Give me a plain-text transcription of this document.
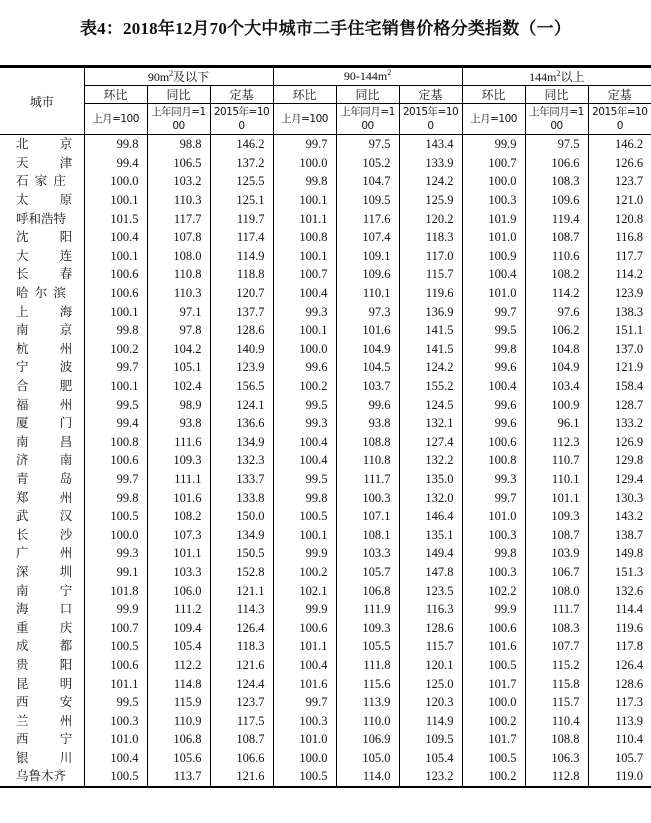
表4：2018年12月70个大中城市二手住宅销售价格分类指数（一）
城市	$90m^2$及以下			$90-144m^2$			$144m^2$以上		
	环比	同比	定基	环比	同比	定基	环比	同比	定基
	上月=100	上年同月=100	2015年=100	上月=100	上年同月=100	2015年=100	上月=100	上年同月=100	2015年=100
北　　 京	99.8	98.8	146.2	99.7	97.5	143.4	99.9	97.5	146.2
天　　 津	99.4	106.5	137.2	100.0	105.2	133.9	100.7	106.6	126.6
石 家 庄	100.0	103.2	125.5	99.8	104.7	124.2	100.0	108.3	123.7
太　　 原	100.1	110.3	125.1	100.1	109.5	125.9	100.3	109.6	121.0
呼和浩特	101.5	117.7	119.7	101.1	117.6	120.2	101.9	119.4	120.8
沈　　 阳	100.4	107.8	117.4	100.8	107.4	118.3	101.0	108.7	116.8
大　　 连	100.1	108.0	114.9	100.1	109.1	117.0	100.9	110.6	117.7
长　　 春	100.6	110.8	118.8	100.7	109.6	115.7	100.4	108.2	114.2
哈 尔 滨	100.6	110.3	120.7	100.4	110.1	119.6	101.0	114.2	123.9
上　　 海	100.1	97.1	137.7	99.3	97.3	136.9	99.7	97.6	138.3
南　　 京	99.8	97.8	128.6	100.1	101.6	141.5	99.5	106.2	151.1
杭　　 州	100.2	104.2	140.9	100.0	104.9	141.5	99.8	104.8	137.0
宁　　 波	99.7	105.1	123.9	99.6	104.5	124.2	99.6	104.9	121.9
合　　 肥	100.1	102.4	156.5	100.2	103.7	155.2	100.4	103.4	158.4
福　　 州	99.5	98.9	124.1	99.5	99.6	124.5	99.6	100.9	128.7
厦　　 门	99.4	93.8	136.6	99.3	93.8	132.1	99.6	96.1	133.2
南　　 昌	100.8	111.6	134.9	100.4	108.8	127.4	100.6	112.3	126.9
济　　 南	100.6	109.3	132.3	100.4	110.8	132.2	100.8	110.7	129.8
青　　 岛	99.7	111.1	133.7	99.5	111.7	135.0	99.3	110.1	129.4
郑　　 州	99.8	101.6	133.8	99.8	100.3	132.0	99.7	101.1	130.3
武　　 汉	100.5	108.2	150.0	100.5	107.1	146.4	101.0	109.3	143.2
长　　 沙	100.0	107.3	134.9	100.1	108.1	135.1	100.3	108.7	138.7
广　　 州	99.3	101.1	150.5	99.9	103.3	149.4	99.8	103.9	149.8
深　　 圳	99.1	103.3	152.8	100.2	105.7	147.8	100.3	106.7	151.3
南　　 宁	101.8	106.0	121.1	102.1	106.8	123.5	102.2	108.0	132.6
海　　 口	99.9	111.2	114.3	99.9	111.9	116.3	99.9	111.7	114.4
重　　 庆	100.7	109.4	126.4	100.6	109.3	128.6	100.6	108.3	119.6
成　　 都	100.5	105.4	118.3	101.1	105.5	115.7	101.6	107.7	117.8
贵　　 阳	100.6	112.2	121.6	100.4	111.8	120.1	100.5	115.2	126.4
昆　　 明	101.1	114.8	124.4	101.6	115.6	125.0	101.7	115.8	128.6
西　　 安	99.5	115.9	123.7	99.7	113.9	120.3	100.0	115.7	117.3
兰　　 州	100.3	110.9	117.5	100.3	110.0	114.9	100.2	110.4	113.9
西　　 宁	101.0	106.8	108.7	101.0	106.9	109.5	101.7	108.8	110.4
银　　 川	100.4	105.6	106.6	100.0	105.0	105.4	100.5	106.3	105.7
乌鲁木齐	100.5	113.7	121.6	100.5	114.0	123.2	100.2	112.8	119.0
